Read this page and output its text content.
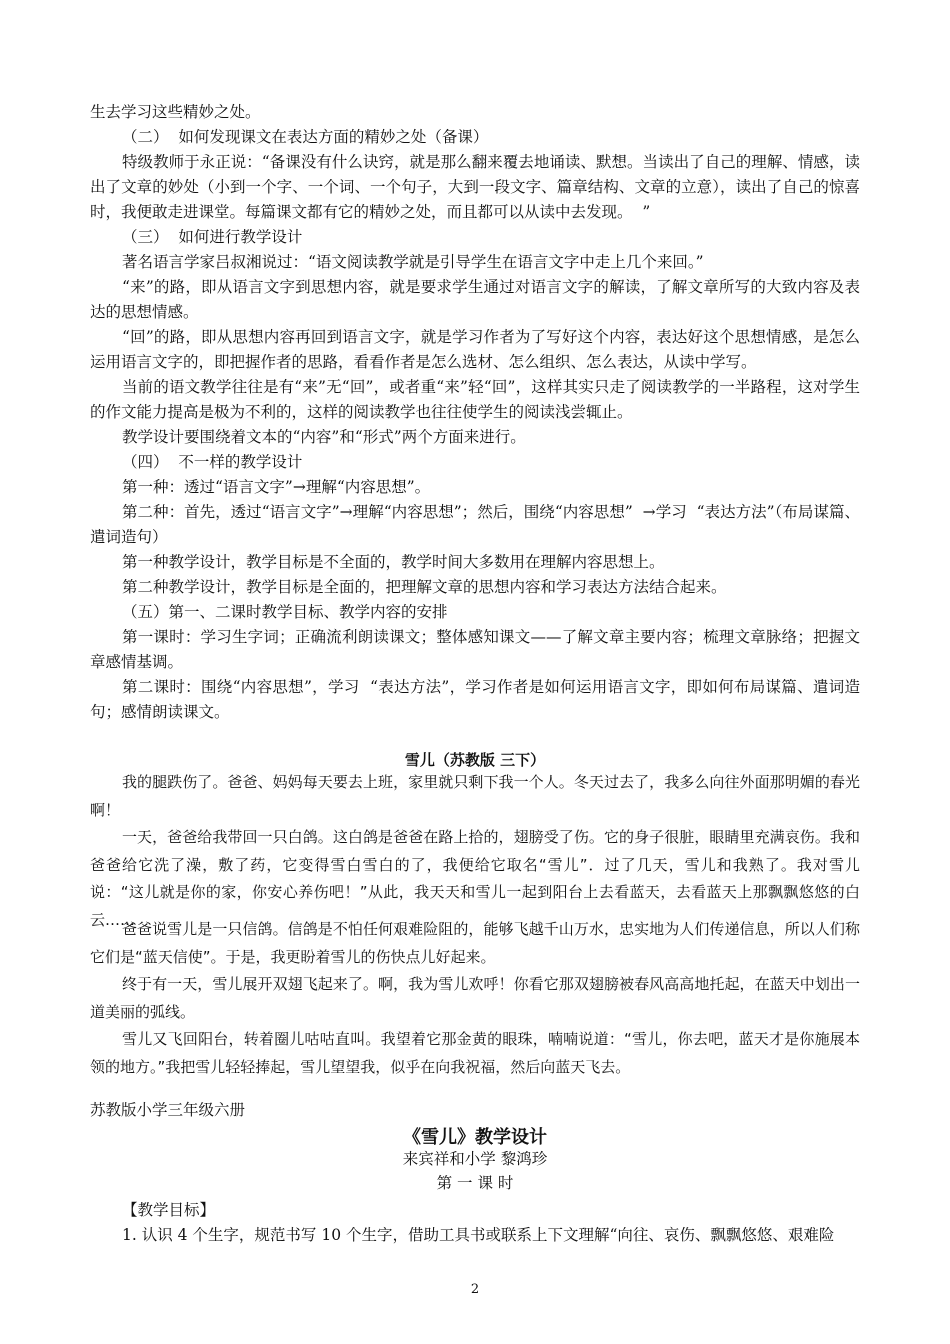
生去学习这些精妙之处。
（二）  如何发现课文在表达方面的精妙之处（备课）
特级教师于永正说：“备课没有什么诀窍，就是那么翻来覆去地诵读、默想。当读出了自己的理解、情感，读出了文章的妙处（小到一个字、一个词、一个句子，大到一段文字、篇章结构、文章的立意），读出了自己的惊喜时，我便敢走进课堂。每篇课文都有它的精妙之处，而且都可以从读中去发现。  ”
（三）  如何进行教学设计
著名语言学家吕叔湘说过：“语文阅读教学就是引导学生在语言文字中走上几个来回。”
“来”的路，即从语言文字到思想内容，就是要求学生通过对语言文字的解读，了解文章所写的大致内容及表达的思想情感。
“回”的路，即从思想内容再回到语言文字，就是学习作者为了写好这个内容，表达好这个思想情感，是怎么运用语言文字的，即把握作者的思路，看看作者是怎么选材、怎么组织、怎么表达，从读中学写。
当前的语文教学往往是有“来”无“回”，或者重“来”轻“回”，这样其实只走了阅读教学的一半路程，这对学生的作文能力提高是极为不利的，这样的阅读教学也往往使学生的阅读浅尝辄止。
教学设计要围绕着文本的“内容”和“形式”两个方面来进行。
（四）  不一样的教学设计
第一种：透过“语言文字”→理解“内容思想”。
第二种：首先，透过“语言文字”→理解“内容思想”；然后，围绕“内容思想”  →学习  “表达方法”（布局谋篇、遣词造句）
第一种教学设计，教学目标是不全面的，教学时间大多数用在理解内容思想上。
第二种教学设计，教学目标是全面的，把理解文章的思想内容和学习表达方法结合起来。
（五）第一、二课时教学目标、教学内容的安排
第一课时：学习生字词；正确流利朗读课文；整体感知课文——了解文章主要内容；梳理文章脉络；把握文章感情基调。
第二课时：围绕“内容思想”，学习  “表达方法”，学习作者是如何运用语言文字，即如何布局谋篇、遣词造句；感情朗读课文。
雪儿（苏教版 三下）
我的腿跌伤了。爸爸、妈妈每天要去上班，家里就只剩下我一个人。冬天过去了，我多么向往外面那明媚的春光啊！
一天，爸爸给我带回一只白鸽。这白鸽是爸爸在路上拾的，翅膀受了伤。它的身子很脏，眼睛里充满哀伤。我和爸爸给它洗了澡，敷了药，它变得雪白雪白的了，我便给它取名“雪儿”．过了几天，雪儿和我熟了。我对雪儿说：“这儿就是你的家，你安心养伤吧！”从此，我天天和雪儿一起到阳台上去看蓝天，去看蓝天上那飘飘悠悠的白云……
爸爸说雪儿是一只信鸽。信鸽是不怕任何艰难险阻的，能够飞越千山万水，忠实地为人们传递信息，所以人们称它们是“蓝天信使”。于是，我更盼着雪儿的伤快点儿好起来。
终于有一天，雪儿展开双翅飞起来了。啊，我为雪儿欢呼！你看它那双翅膀被春风高高地托起，在蓝天中划出一道美丽的弧线。
雪儿又飞回阳台，转着圈儿咕咕直叫。我望着它那金黄的眼珠，喃喃说道：“雪儿，你去吧，蓝天才是你施展本领的地方。”我把雪儿轻轻捧起，雪儿望望我，似乎在向我祝福，然后向蓝天飞去。
苏教版小学三年级六册
《雪儿》教学设计
来宾祥和小学 黎鸿珍
第 一 课 时
【教学目标】
1. 认识 4 个生字，规范书写 10 个生字，借助工具书或联系上下文理解“向往、哀伤、飘飘悠悠、艰难险
2
